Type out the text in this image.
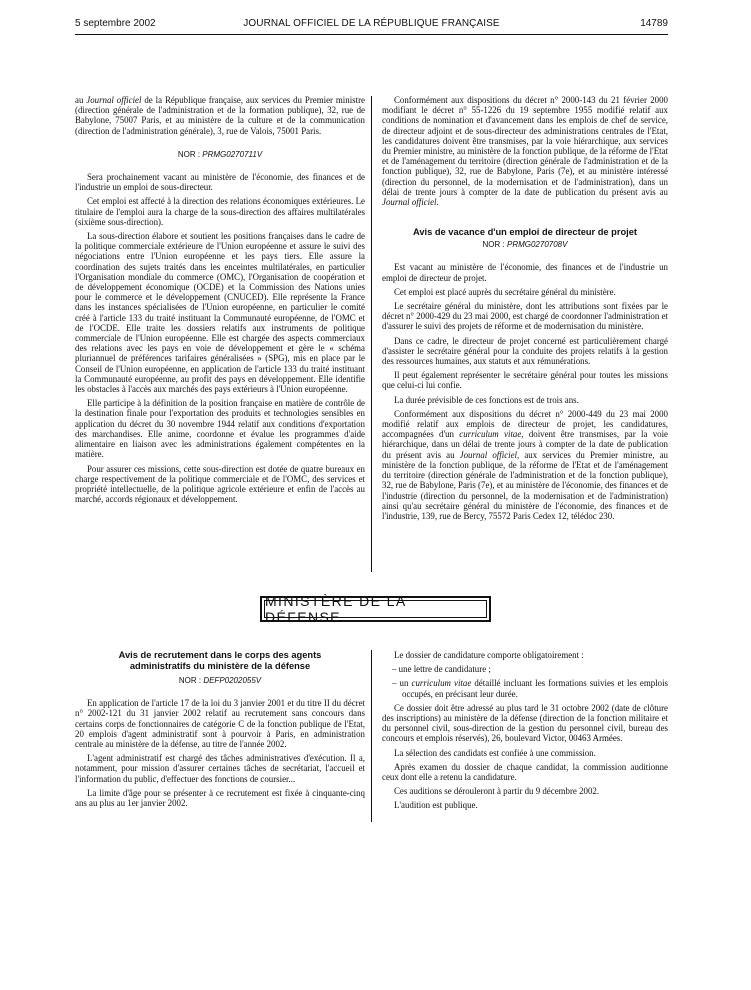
5 septembre 2002	JOURNAL OFFICIEL DE LA RÉPUBLIQUE FRANÇAISE	14789

au Journal officiel de la République française, aux services du Premier ministre (direction générale de l'administration et de la formation publique), 32, rue de Babylone, 75007 Paris, et au ministère de la culture et de la communication (direction de l'administration générale), 3, rue de Valois, 75001 Paris.

NOR : PRMG0270711V

Sera prochainement vacant au ministère de l'économie, des finances et de l'industrie un emploi de sous-directeur.

Cet emploi est affecté à la direction des relations économiques extérieures. Le titulaire de l'emploi aura la charge de la sous-direction des affaires multilatérales (sixième sous-direction).

La sous-direction élabore et soutient les positions françaises dans le cadre de la politique commerciale extérieure de l'Union européenne et assure le suivi des négociations entre l'Union européenne et les pays tiers. Elle assure la coordination des sujets traités dans les enceintes multilatérales, en particulier l'Organisation mondiale du commerce (OMC), l'Organisation de coopération et de développement économique (OCDE) et la Commission des Nations unies pour le commerce et le développement (CNUCED). Elle représente la France dans les instances spécialisées de l'Union européenne, en particulier le comité créé à l'article 133 du traité instituant la Communauté européenne, de l'OMC et de l'OCDE. Elle traite les dossiers relatifs aux instruments de politique commerciale de l'Union européenne. Elle est chargée des aspects commerciaux des relations avec les pays en voie de développement et gère le « schéma pluriannuel de préférences tarifaires généralisées » (SPG), mis en place par le Conseil de l'Union européenne, en application de l'article 133 du traité instituant la Communauté européenne, au profit des pays en développement. Elle identifie les obstacles à l'accès aux marchés des pays extérieurs à l'Union européenne.

Elle participe à la définition de la position française en matière de contrôle de la destination finale pour l'exportation des produits et technologies sensibles en application du décret du 30 novembre 1944 relatif aux conditions d'exportation des marchandises. Elle anime, coordonne et évalue les programmes d'aide alimentaire en liaison avec les administrations également compétentes en la matière.

Pour assurer ces missions, cette sous-direction est dotée de quatre bureaux en charge respectivement de la politique commerciale et de l'OMC, des services et propriété intellectuelle, de la politique agricole extérieure et enfin de l'accès au marché, accords régionaux et développement.

Conformément aux dispositions du décret n° 2000-143 du 21 février 2000 modifiant le décret n° 55-1226 du 19 septembre 1955 modifié relatif aux conditions de nomination et d'avancement dans les emplois de chef de service, de directeur adjoint et de sous-directeur des administrations centrales de l'Etat, les candidatures doivent être transmises, par la voie hiérarchique, aux services du Premier ministre, au ministère de la fonction publique, de la réforme de l'Etat et de l'aménagement du territoire (direction générale de l'administration et de la fonction publique), 32, rue de Babylone, Paris (7e), et au ministère intéressé (direction du personnel, de la modernisation et de l'administration), dans un délai de trente jours à compter de la date de publication du présent avis au Journal officiel.

Avis de vacance d'un emploi de directeur de projet

NOR : PRMG0270708V

Est vacant au ministère de l'économie, des finances et de l'industrie un emploi de directeur de projet.

Cet emploi est placé auprès du secrétaire général du ministère.

Le secrétaire général du ministère, dont les attributions sont fixées par le décret n° 2000-429 du 23 mai 2000, est chargé de coordonner l'administration et d'assurer le suivi des projets de réforme et de modernisation du ministère.

Dans ce cadre, le directeur de projet concerné est particulièrement chargé d'assister le secrétaire général pour la conduite des projets relatifs à la gestion des ressources humaines, aux statuts et aux rémunérations.

Il peut également représenter le secrétaire général pour toutes les missions que celui-ci lui confie.

La durée prévisible de ces fonctions est de trois ans.

Conformément aux dispositions du décret n° 2000-449 du 23 mai 2000 modifié relatif aux emplois de directeur de projet, les candidatures, accompagnées d'un curriculum vitae, doivent être transmises, par la voie hiérarchique, dans un délai de trente jours à compter de la date de publication du présent avis au Journal officiel, aux services du Premier ministre, au ministère de la fonction publique, de la réforme de l'Etat et de l'aménagement du territoire (direction générale de l'administration et de la fonction publique), 32, rue de Babylone, Paris (7e), et au ministère de l'économie, des finances et de l'industrie (direction du personnel, de la modernisation et de l'administration) ainsi qu'au secrétaire général du ministère de l'économie, des finances et de l'industrie, 139, rue de Bercy, 75572 Paris Cedex 12, télédoc 230.

MINISTÈRE DE LA DÉFENSE
Avis de recrutement dans le corps des agents administratifs du ministère de la défense

NOR : DEFP0202055V

En application de l'article 17 de la loi du 3 janvier 2001 et du titre II du décret n° 2002-121 du 31 janvier 2002 relatif au recrutement sans concours dans certains corps de fonctionnaires de catégorie C de la fonction publique de l'Etat, 20 emplois d'agent administratif sont à pourvoir à Paris, en administration centrale au ministère de la défense, au titre de l'année 2002.

L'agent administratif est chargé des tâches administratives d'exécution. Il a, notamment, pour mission d'assurer certaines tâches de secrétariat, l'accueil et l'information du public, d'effectuer des fonctions de coursier...

La limite d'âge pour se présenter à ce recrutement est fixée à cinquante-cinq ans au plus au 1er janvier 2002.

Le dossier de candidature comporte obligatoirement :

– une lettre de candidature ;
– un curriculum vitae détaillé incluant les formations suivies et les emplois occupés, en précisant leur durée.

Ce dossier doit être adressé au plus tard le 31 octobre 2002 (date de clôture des inscriptions) au ministère de la défense (direction de la fonction militaire et du personnel civil, sous-direction de la gestion du personnel civil, bureau des concours et emplois réservés), 26, boulevard Victor, 00463 Armées.

La sélection des candidats est confiée à une commission.

Après examen du dossier de chaque candidat, la commission auditionne ceux dont elle a retenu la candidature.

Ces auditions se dérouleront à partir du 9 décembre 2002.

L'audition est publique.
